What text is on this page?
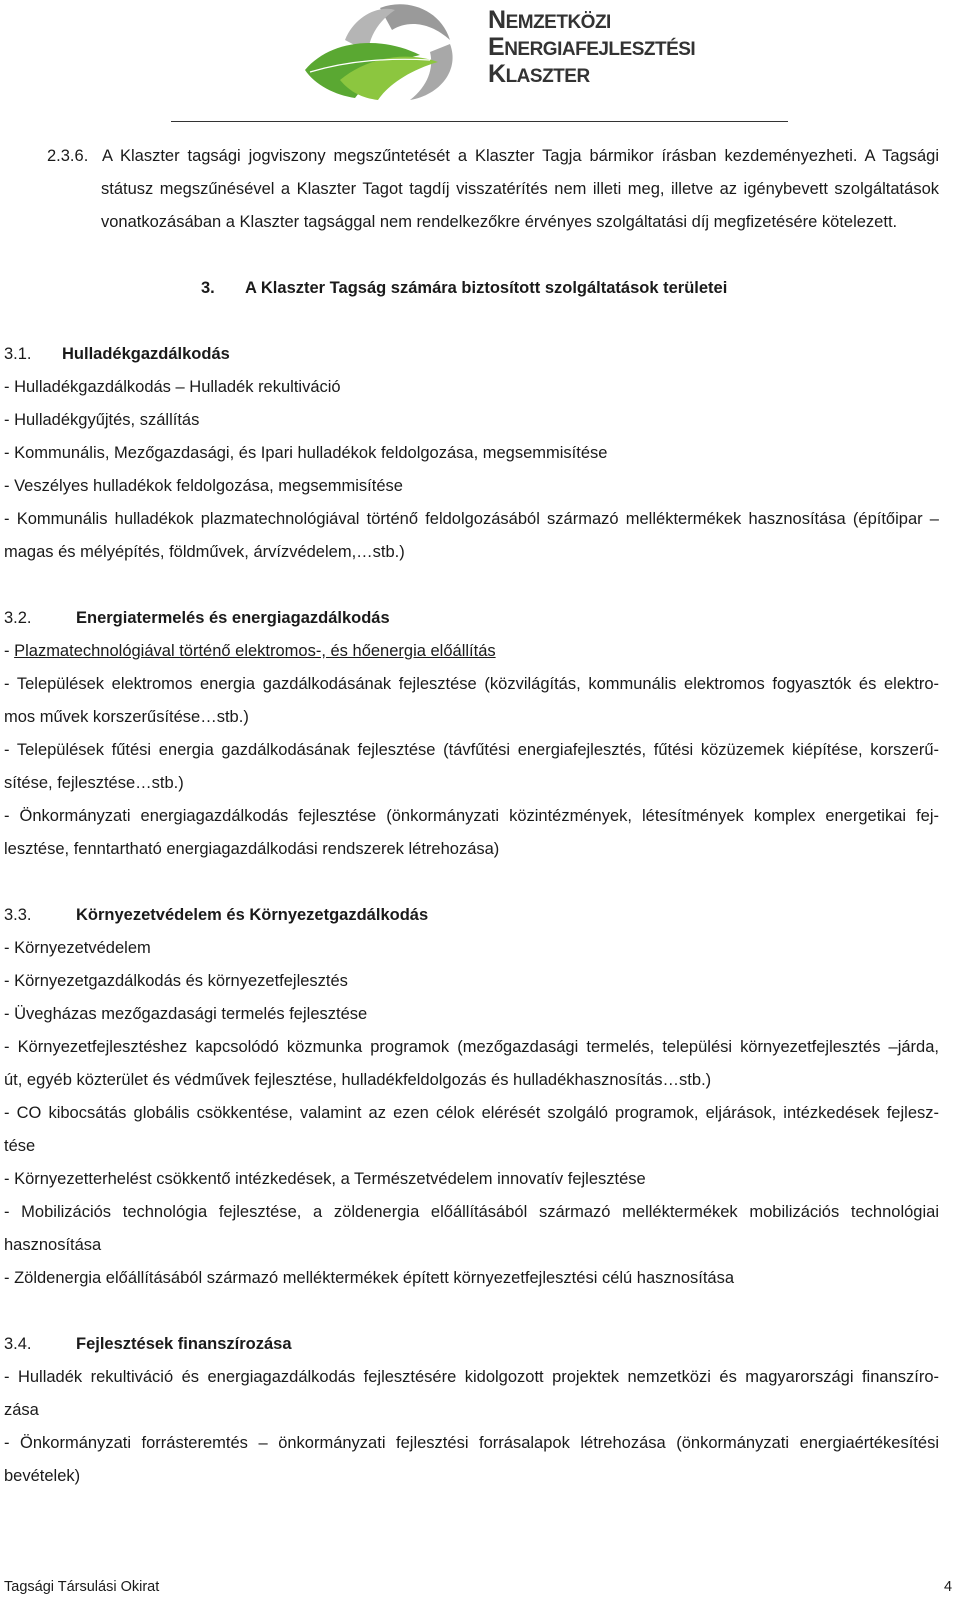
NEMZETKÖZI
ENERGIAFEJLESZTÉSI
KLASZTER
2.3.6. A Klaszter tagsági jogviszony megszűntetését a Klaszter Tagja bármikor írásban kezdeményezheti. A Tagsági
státusz megszűnésével a Klaszter Tagot tagdíj visszatérítés nem illeti meg, illetve az igénybevett szolgáltatások
vonatkozásában a Klaszter tagsággal nem rendelkezőkre érvényes szolgáltatási díj megfizetésére kötelezett.
3. A Klaszter Tagság számára biztosított szolgáltatások területei
3.1. Hulladékgazdálkodás
- Hulladékgazdálkodás – Hulladék rekultiváció
- Hulladékgyűjtés, szállítás
- Kommunális, Mezőgazdasági, és Ipari hulladékok feldolgozása, megsemmisítése
- Veszélyes hulladékok feldolgozása, megsemmisítése
- Kommunális hulladékok plazmatechnológiával történő feldolgozásából származó melléktermékek hasznosítása (építőipar –
magas és mélyépítés, földművek, árvízvédelem,…stb.)
3.2.	Energiatermelés és energiagazdálkodás
- Plazmatechnológiával történő elektromos-, és hőenergia előállítás
- Települések elektromos energia gazdálkodásának fejlesztése (közvilágítás, kommunális elektromos fogyasztók és elektro-
mos művek korszerűsítése…stb.)
- Települések fűtési energia gazdálkodásának fejlesztése (távfűtési energiafejlesztés, fűtési közüzemek kiépítése, korszerű-
sítése, fejlesztése…stb.)
- Önkormányzati energiagazdálkodás fejlesztése (önkormányzati közintézmények, létesítmények komplex energetikai fej-
lesztése, fenntartható energiagazdálkodási rendszerek létrehozása)
3.3.	Környezetvédelem és Környezetgazdálkodás
- Környezetvédelem
- Környezetgazdálkodás és környezetfejlesztés
- Üvegházas mezőgazdasági termelés fejlesztése
- Környezetfejlesztéshez kapcsolódó közmunka programok (mezőgazdasági termelés, települési környezetfejlesztés –járda,
út, egyéb közterület és védművek fejlesztése, hulladékfeldolgozás és hulladékhasznosítás…stb.)
- CO kibocsátás globális csökkentése, valamint az ezen célok elérését szolgáló programok, eljárások, intézkedések fejlesz-
tése
- Környezetterhelést csökkentő intézkedések, a Természetvédelem innovatív fejlesztése
- Mobilizációs technológia fejlesztése, a zöldenergia előállításából származó melléktermékek mobilizációs technológiai
hasznosítása
- Zöldenergia előállításából származó melléktermékek épített környezetfejlesztési célú hasznosítása
3.4.	Fejlesztések finanszírozása
- Hulladék rekultiváció és energiagazdálkodás fejlesztésére kidolgozott projektek nemzetközi és magyarországi finanszíro-
zása
- Önkormányzati forrásteremtés – önkormányzati fejlesztési forrásalapok létrehozása (önkormányzati energiaértékesítési
bevételek)
Tagsági Társulási Okirat	4
